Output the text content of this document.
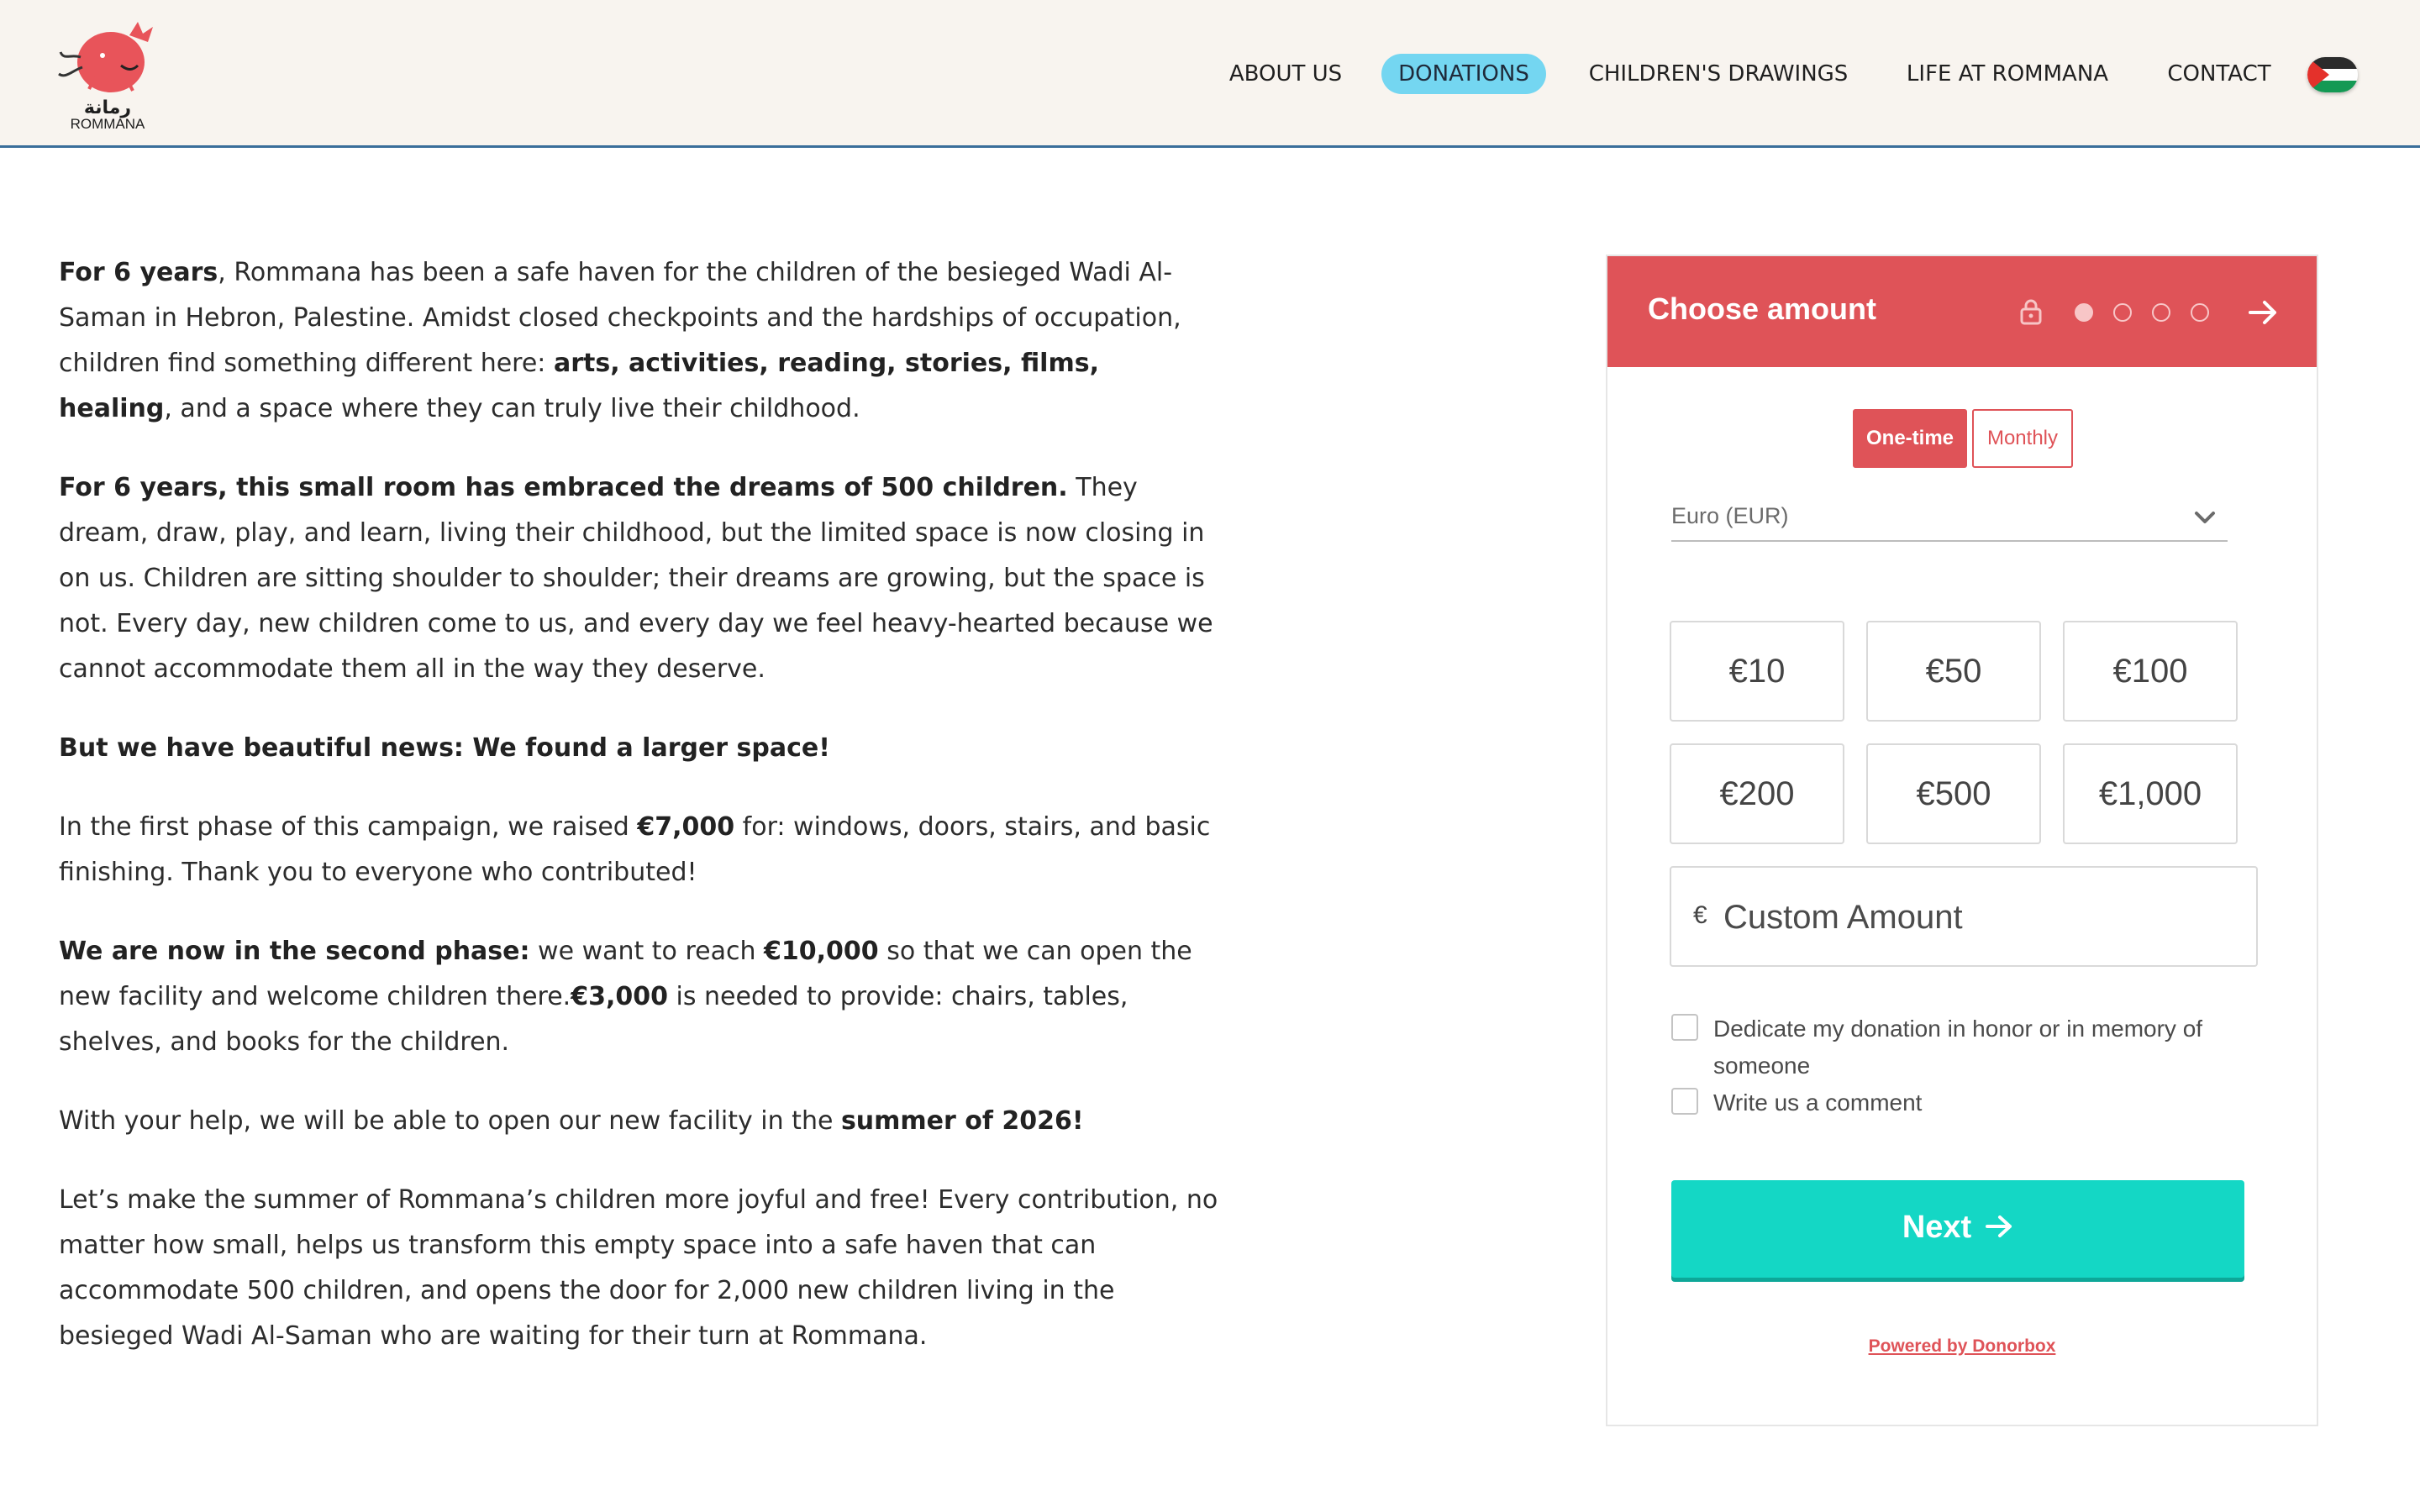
رمانة
ROMMANA
ABOUT US	DONATIONS	CHILDREN'S DRAWINGS	LIFE AT ROMMANA	CONTACT

For 6 years, Rommana has been a safe haven for the children of the besieged Wadi Al-Saman in Hebron, Palestine. Amidst closed checkpoints and the hardships of occupation, children find something different here: arts, activities, reading, stories, films, healing, and a space where they can truly live their childhood.

For 6 years, this small room has embraced the dreams of 500 children. They dream, draw, play, and learn, living their childhood, but the limited space is now closing in on us. Children are sitting shoulder to shoulder; their dreams are growing, but the space is not. Every day, new children come to us, and every day we feel heavy-hearted because we cannot accommodate them all in the way they deserve.

But we have beautiful news: We found a larger space!

In the first phase of this campaign, we raised €7,000 for: windows, doors, stairs, and basic finishing. Thank you to everyone who contributed!

We are now in the second phase: we want to reach €10,000 so that we can open the new facility and welcome children there.€3,000 is needed to provide: chairs, tables, shelves, and books for the children.

With your help, we will be able to open our new facility in the summer of 2026!

Let’s make the summer of Rommana’s children more joyful and free! Every contribution, no matter how small, helps us transform this empty space into a safe haven that can accommodate 500 children, and opens the door for 2,000 new children living in the besieged Wadi Al-Saman who are waiting for their turn at Rommana.

Choose amount
One-time	Monthly
Euro (EUR)
€10	€50	€100
€200	€500	€1,000
€
Custom Amount
Dedicate my donation in honor or in memory of someone
Write us a comment
Next
Powered by Donorbox
